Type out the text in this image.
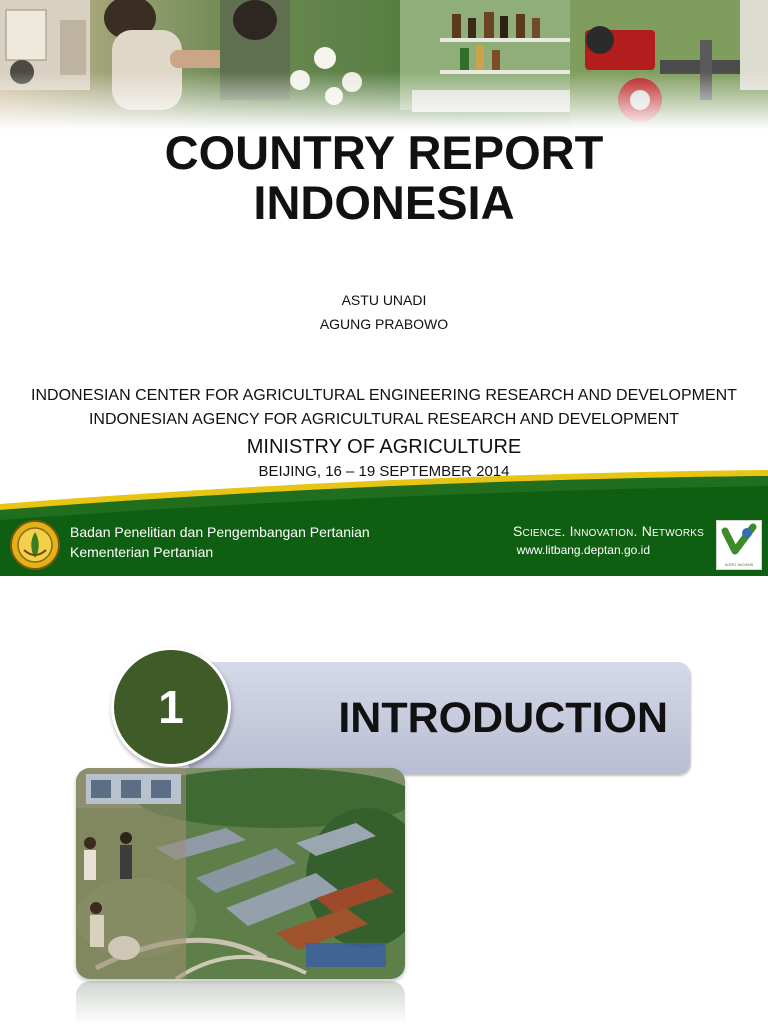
COUNTRY REPORT
INDONESIA
ASTU UNADI
AGUNG PRABOWO
INDONESIAN CENTER FOR AGRICULTURAL ENGINEERING RESEARCH AND DEVELOPMENT
INDONESIAN AGENCY FOR AGRICULTURAL RESEARCH AND DEVELOPMENT
MINISTRY OF AGRICULTURE
BEIJING, 16 – 19 SEPTEMBER 2014
Badan Penelitian dan Pengembangan Pertanian
Kementerian Pertanian
Science. Innovation. Networks
www.litbang.deptan.go.id
AGRO INOVASI
INTRODUCTION
1
